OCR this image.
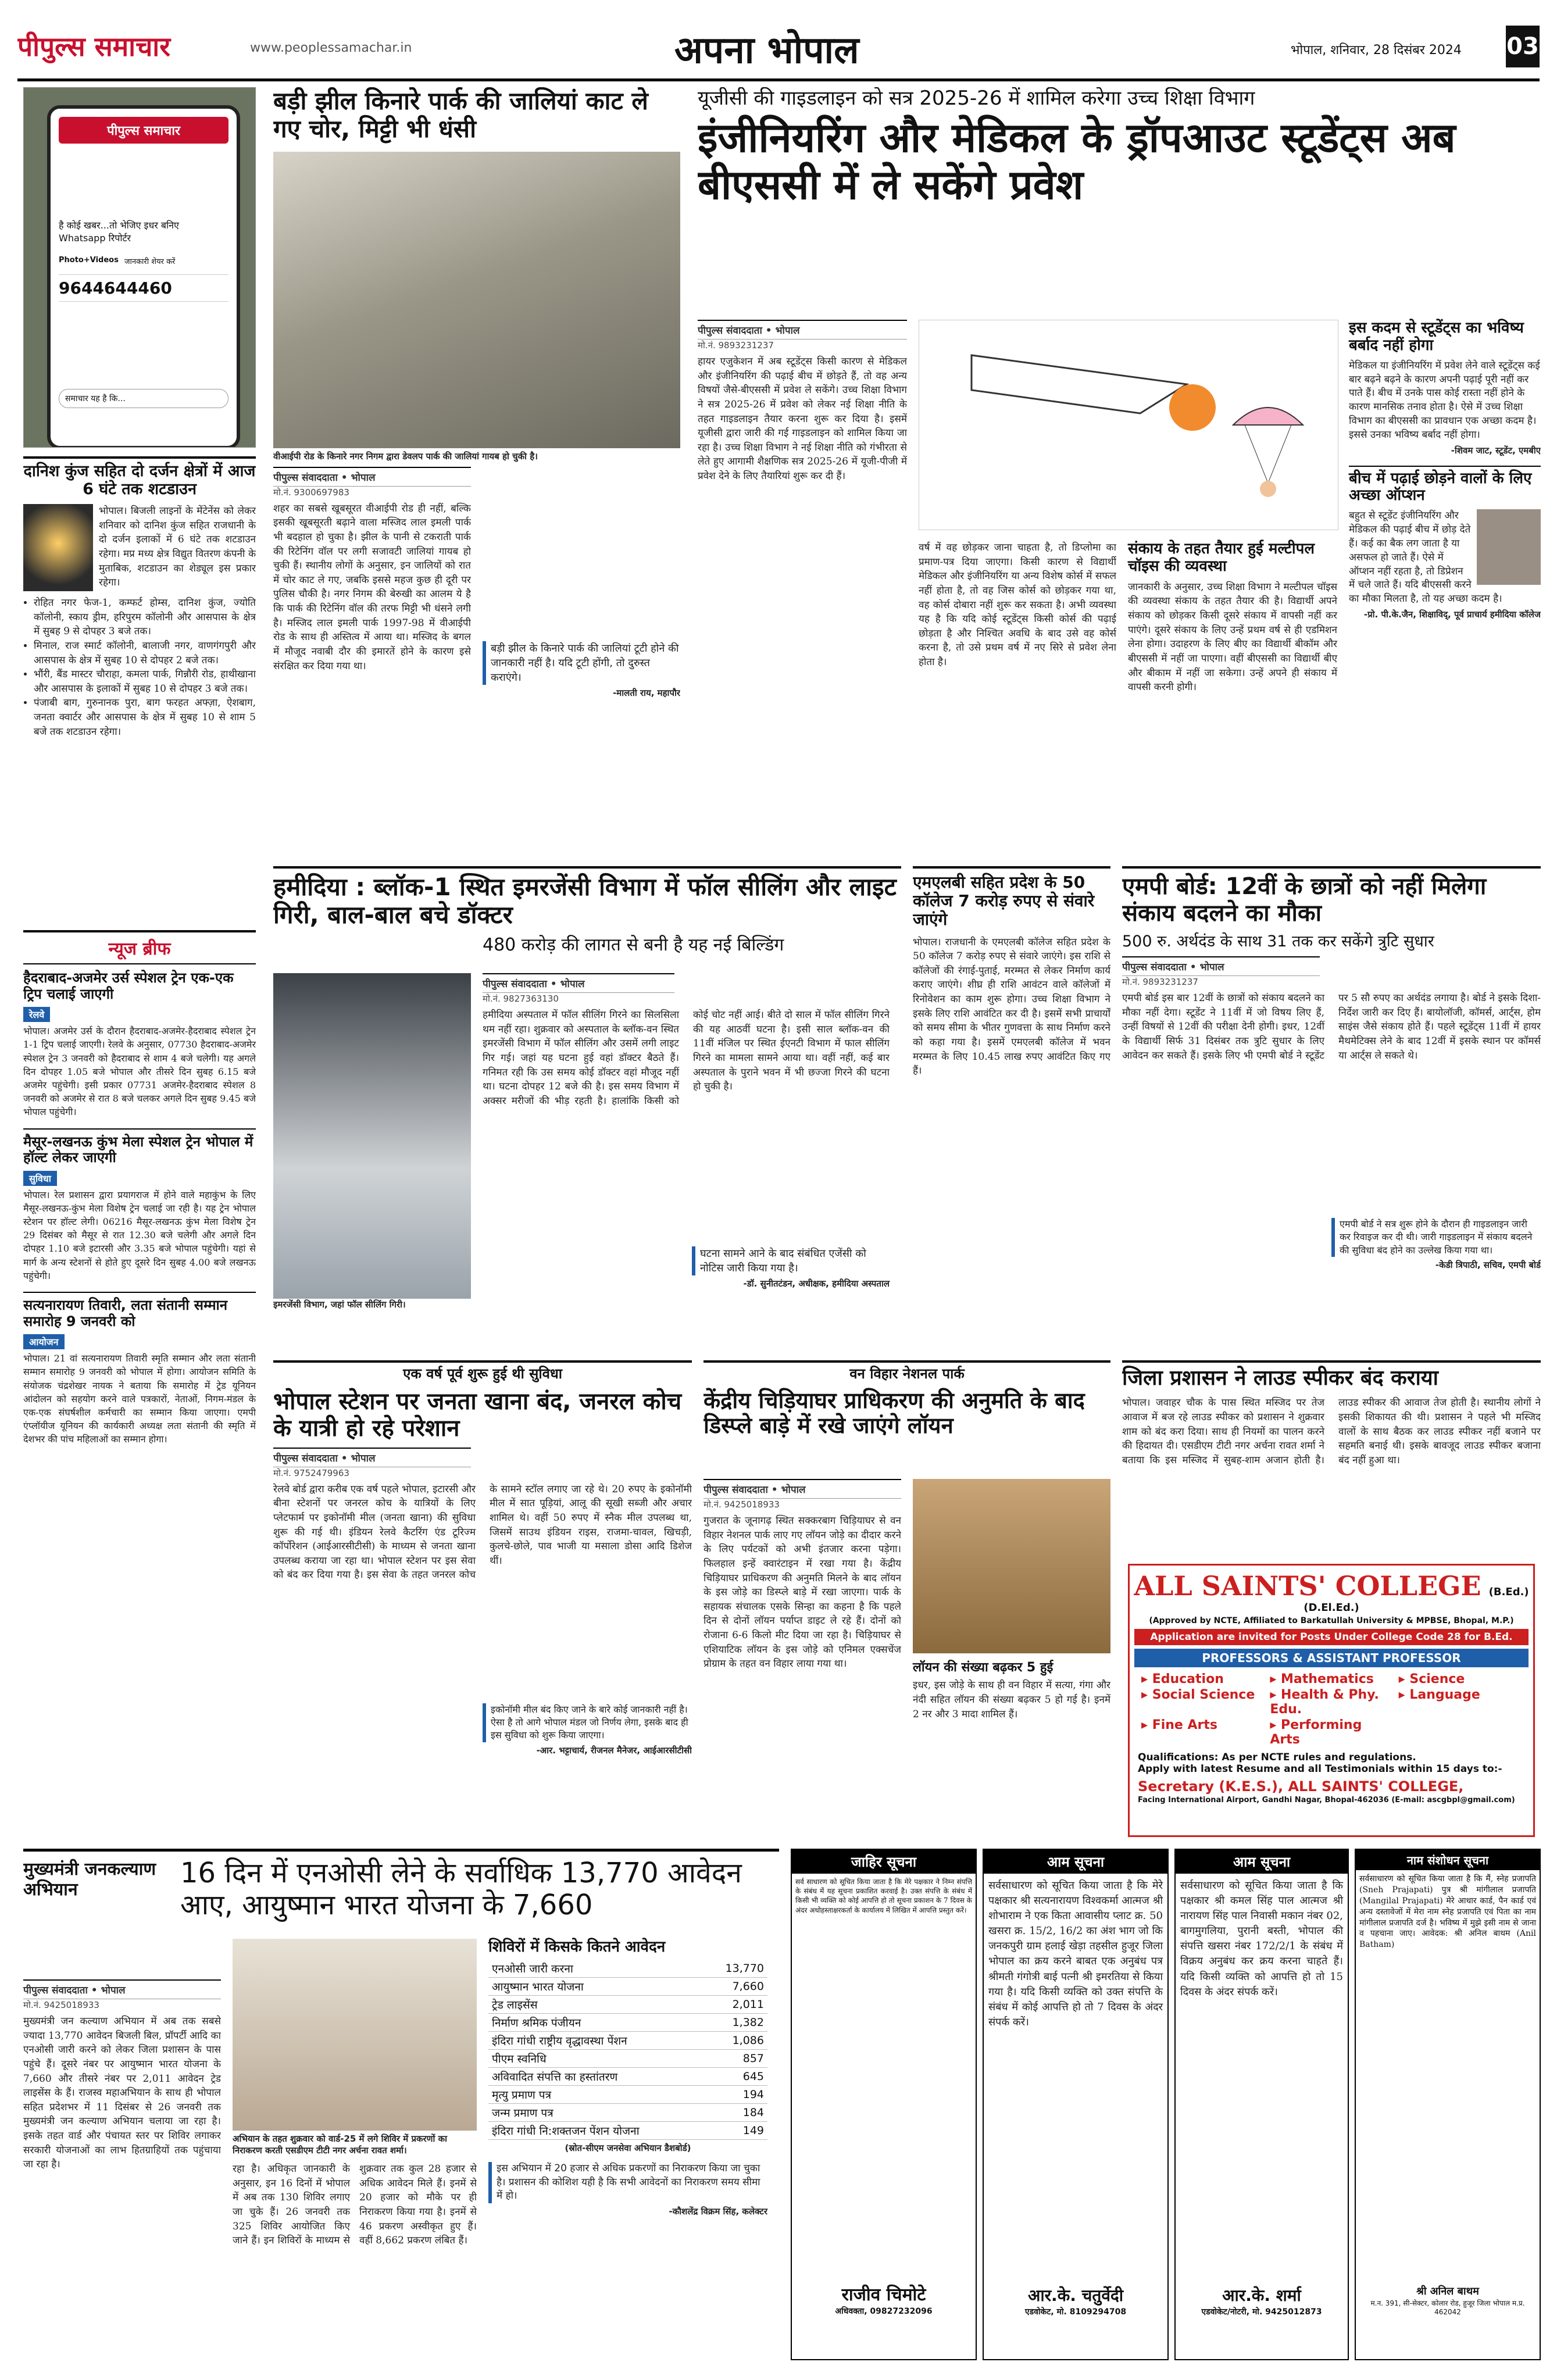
पीपुल्स समाचार	www.peoplessamachar.in	अपना भोपाल	भोपाल, शनिवार, 28 दिसंबर 2024 03
पीपुल्स समाचार
है कोई खबर...तो भेजिए इधर बनिए Whatsapp रिपोर्टर
Photo+Videos जानकारी शेयर करें
9644644460
समाचार यह है कि...
दानिश कुंज सहित दो दर्जन क्षेत्रों में आज 6 घंटे तक शटडाउन
भोपाल। बिजली लाइनों के मेंटेनेंस को लेकर शनिवार को दानिश कुंज सहित राजधानी के दो दर्जन इलाकों में 6 घंटे तक शटडाउन रहेगा। मप्र मध्य क्षेत्र विद्युत वितरण कंपनी के मुताबिक, शटडाउन का शेड्यूल इस प्रकार रहेगा।
• रोहित नगर फेज-1, कम्फर्ट होम्स, दानिश कुंज, ज्योति कॉलोनी, स्काय ड्रीम, हरिपुरम कॉलोनी और आसपास के क्षेत्र में सुबह 9 से दोपहर 3 बजे तक।
• मिनाल, राज स्मार्ट कॉलोनी, बालाजी नगर, वाणगंगपुरी और आसपास के क्षेत्र में सुबह 10 से दोपहर 2 बजे तक।
• भौंरी, बैंड मास्टर चौराहा, कमला पार्क, गिन्नौरी रोड, हाथीखाना और आसपास के इलाकों में सुबह 10 से दोपहर 3 बजे तक।
• पंजाबी बाग, गुरुनानक पुरा, बाग फरहत अफ्ज़ा, ऐशबाग, जनता क्वार्टर और आसपास के क्षेत्र में सुबह 10 से शाम 5 बजे तक शटडाउन रहेगा।
न्यूज ब्रीफ
हैदराबाद-अजमेर उर्स स्पेशल ट्रेन एक-एक ट्रिप चलाई जाएगी
रेलवे
भोपाल। अजमेर उर्स के दौरान हैदराबाद-अजमेर-हैदराबाद स्पेशल ट्रेन 1-1 ट्रिप चलाई जाएगी। रेलवे के अनुसार, 07730 हैदराबाद-अजमेर स्पेशल ट्रेन 3 जनवरी को हैदराबाद से शाम 4 बजे चलेगी। यह अगले दिन दोपहर 1.05 बजे भोपाल और तीसरे दिन सुबह 6.15 बजे अजमेर पहुंचेगी। इसी प्रकार 07731 अजमेर-हैदराबाद स्पेशल 8 जनवरी को अजमेर से रात 8 बजे चलकर अगले दिन सुबह 9.45 बजे भोपाल पहुंचेगी।
मैसूर-लखनऊ कुंभ मेला स्पेशल ट्रेन भोपाल में हॉल्ट लेकर जाएगी
सुविधा
भोपाल। रेल प्रशासन द्वारा प्रयागराज में होने वाले महाकुंभ के लिए मैसूर-लखनऊ-कुंभ मेला विशेष ट्रेन चलाई जा रही है। यह ट्रेन भोपाल स्टेशन पर हॉल्ट लेगी। 06216 मैसूर-लखनऊ कुंभ मेला विशेष ट्रेन 29 दिसंबर को मैसूर से रात 12.30 बजे चलेगी और अगले दिन दोपहर 1.10 बजे इटारसी और 3.35 बजे भोपाल पहुंचेगी। यहां से मार्ग के अन्य स्टेशनों से होते हुए दूसरे दिन सुबह 4.00 बजे लखनऊ पहुंचेगी।
सत्यनारायण तिवारी, लता संतानी सम्मान समारोह 9 जनवरी को
आयोजन
भोपाल। 21 वां सत्यनारायण तिवारी स्मृति सम्मान और लता संतानी सम्मान समारोह 9 जनवरी को भोपाल में होगा। आयोजन समिति के संयोजक चंद्रशेखर नायक ने बताया कि समारोह में ट्रेड यूनियन आंदोलन को सहयोग करने वाले पत्रकारों, नेताओं, निगम-मंडल के एक-एक संघर्षशील कर्मचारी का सम्मान किया जाएगा। एमपी एंप्लॉयीज यूनियन की कार्यकारी अध्यक्ष लता संतानी की स्मृति में देशभर की पांच महिलाओं का सम्मान होगा।
बड़ी झील किनारे पार्क की जालियां काट ले गए चोर, मिट्टी भी धंसी
वीआईपी रोड के किनारे नगर निगम द्वारा डेवलप पार्क की जालियां गायब हो चुकी है।
पीपुल्स संवाददाता • भोपाल
मो.नं. 9300697983
शहर का सबसे खूबसूरत वीआईपी रोड ही नहीं, बल्कि इसकी खूबसूरती बढ़ाने वाला मस्जिद लाल इमली पार्क भी बदहाल हो चुका है। झील के पानी से टकराती पार्क की रिटेनिंग वॉल पर लगी सजावटी जालियां गायब हो चुकी हैं। स्थानीय लोगों के अनुसार, इन जालियों को रात में चोर काट ले गए, जबकि इससे महज कुछ ही दूरी पर पुलिस चौकी है। नगर निगम की बेरुखी का आलम ये है कि पार्क की रिटेनिंग वॉल की तरफ मिट्टी भी धंसने लगी है। मस्जिद लाल इमली पार्क 1997-98 में वीआईपी रोड के साथ ही अस्तित्व में आया था। मस्जिद के बगल में मौजूद नवाबी दौर की इमारतें होने के कारण इसे संरक्षित कर दिया गया था।
बड़ी झील के किनारे पार्क की जालियां टूटी होने की जानकारी नहीं है। यदि टूटी होंगी, तो दुरुस्त कराएंगे।
-मालती राय, महापौर
यूजीसी की गाइडलाइन को सत्र 2025-26 में शामिल करेगा उच्च शिक्षा विभाग
इंजीनियरिंग और मेडिकल के ड्रॉपआउट स्टूडेंट्स अब बीएससी में ले सकेंगे प्रवेश
पीपुल्स संवाददाता • भोपाल
मो.नं. 9893231237
हायर एजुकेशन में अब स्टूडेंट्स किसी कारण से मेडिकल और इंजीनियरिंग की पढ़ाई बीच में छोड़ते हैं, तो वह अन्य विषयों जैसे-बीएससी में प्रवेश ले सकेंगे। उच्च शिक्षा विभाग ने सत्र 2025-26 में प्रवेश को लेकर नई शिक्षा नीति के तहत गाइडलाइन तैयार करना शुरू कर दिया है। इसमें यूजीसी द्वारा जारी की गई गाइडलाइन को शामिल किया जा रहा है। उच्च शिक्षा विभाग ने नई शिक्षा नीति को गंभीरता से लेते हुए आगामी शैक्षणिक सत्र 2025-26 में यूजी-पीजी में प्रवेश देने के लिए तैयारियां शुरू कर दी हैं।
वर्ष में वह छोड़कर जाना चाहता है, तो डिप्लोमा का प्रमाण-पत्र दिया जाएगा। किसी कारण से विद्यार्थी मेडिकल और इंजीनियरिंग या अन्य विशेष कोर्स में सफल नहीं होता है, तो वह जिस कोर्स को छोड़कर गया था, वह कोर्स दोबारा नहीं शुरू कर सकता है। अभी व्यवस्था यह है कि यदि कोई स्टूडेंट्स किसी कोर्स की पढ़ाई छोड़ता है और निश्चित अवधि के बाद उसे वह कोर्स करना है, तो उसे प्रथम वर्ष में नए सिरे से प्रवेश लेना होता है।
संकाय के तहत तैयार हुई मल्टीपल चॉइस की व्यवस्था
जानकारी के अनुसार, उच्च शिक्षा विभाग ने मल्टीपल चॉइस की व्यवस्था संकाय के तहत तैयार की है। विद्यार्थी अपने संकाय को छोड़कर किसी दूसरे संकाय में वापसी नहीं कर पाएंगे। दूसरे संकाय के लिए उन्हें प्रथम वर्ष से ही एडमिशन लेना होगा। उदाहरण के लिए बीए का विद्यार्थी बीकॉम और बीएससी में नहीं जा पाएगा। वहीं बीएससी का विद्यार्थी बीए और बीकाम में नहीं जा सकेगा। उन्हें अपने ही संकाय में वापसी करनी होगी।
इस कदम से स्टूडेंट्स का भविष्य बर्बाद नहीं होगा
मेडिकल या इंजीनियरिंग में प्रवेश लेने वाले स्टूडेंट्स कई बार बढ़ने बढ़ने के कारण अपनी पढ़ाई पूरी नहीं कर पाते हैं। बीच में उनके पास कोई रास्ता नहीं होने के कारण मानसिक तनाव होता है। ऐसे में उच्च शिक्षा विभाग का बीएससी का प्रावधान एक अच्छा कदम है। इससे उनका भविष्य बर्बाद नहीं होगा।
-शिवम जाट, स्टूडेंट, एमबीए
बीच में पढ़ाई छोड़ने वालों के लिए अच्छा ऑप्शन
बहुत से स्टूडेंट इंजीनियरिंग और मेडिकल की पढ़ाई बीच में छोड़ देते हैं। कई का बैक लग जाता है या असफल हो जाते हैं। ऐसे में ऑप्शन नहीं रहता है, तो डिप्रेशन में चले जाते हैं। यदि बीएससी करने का मौका मिलता है, तो यह अच्छा कदम है।
-प्रो. पी.के.जैन, शिक्षाविद्, पूर्व प्राचार्य हमीदिया कॉलेज
हमीदिया : ब्लॉक-1 स्थित इमरजेंसी विभाग में फॉल सीलिंग और लाइट गिरी, बाल-बाल बचे डॉक्टर
480 करोड़ की लागत से बनी है यह नई बिल्डिंग
इमरजेंसी विभाग, जहां फॉल सीलिंग गिरी।
पीपुल्स संवाददाता • भोपाल
मो.नं. 9827363130
हमीदिया अस्पताल में फॉल सीलिंग गिरने का सिलसिला थम नहीं रहा। शुक्रवार को अस्पताल के ब्लॉक-वन स्थित इमरजेंसी विभाग में फॉल सीलिंग और उसमें लगी लाइट गिर गई। जहां यह घटना हुई वहां डॉक्टर बैठते हैं। गनिमत रही कि उस समय कोई डॉक्टर वहां मौजूद नहीं था। घटना दोपहर 12 बजे की है। इस समय विभाग में अक्सर मरीजों की भीड़ रहती है। हालांकि किसी को कोई चोट नहीं आई। बीते दो साल में फॉल सीलिंग गिरने की यह आठवीं घटना है। इसी साल ब्लॉक-वन की 11वीं मंजिल पर स्थित ईएनटी विभाग में फाल सीलिंग गिरने का मामला सामने आया था। वहीं नहीं, कई बार अस्पताल के पुराने भवन में भी छज्जा गिरने की घटना हो चुकी है।
घटना सामने आने के बाद संबंधित एजेंसी को नोटिस जारी किया गया है।
-डॉ. सुनीतटंडन, अधीक्षक, हमीदिया अस्पताल
एमएलबी सहित प्रदेश के 50 कॉलेज 7 करोड़ रुपए से संवारे जाएंगे
भोपाल। राजधानी के एमएलबी कॉलेज सहित प्रदेश के 50 कॉलेज 7 करोड़ रुपए से संवारे जाएंगे। इस राशि से कॉलेजों की रंगाई-पुताई, मरम्मत से लेकर निर्माण कार्य कराए जाएंगे। शीघ्र ही राशि आवंटन वाले कॉलेजों में रिनोवेशन का काम शुरू होगा। उच्च शिक्षा विभाग ने इसके लिए राशि आवंटित कर दी है। इसमें सभी प्राचार्यों को समय सीमा के भीतर गुणवत्ता के साथ निर्माण करने को कहा गया है। इसमें एमएलबी कॉलेज में भवन मरम्मत के लिए 10.45 लाख रुपए आवंटित किए गए हैं।
एमपी बोर्ड: 12वीं के छात्रों को नहीं मिलेगा संकाय बदलने का मौका
500 रु. अर्थदंड के साथ 31 तक कर सकेंगे त्रुटि सुधार
पीपुल्स संवाददाता • भोपाल
मो.नं. 9893231237
एमपी बोर्ड इस बार 12वीं के छात्रों को संकाय बदलने का मौका नहीं देगा। स्टूडेंट ने 11वीं में जो विषय लिए हैं, उन्हीं विषयों से 12वीं की परीक्षा देनी होगी। इधर, 12वीं के विद्यार्थी सिर्फ 31 दिसंबर तक त्रुटि सुधार के लिए आवेदन कर सकते हैं। इसके लिए भी एमपी बोर्ड ने स्टूडेंट पर 5 सौ रुपए का अर्थदंड लगाया है। बोर्ड ने इसके दिशा-निर्देश जारी कर दिए हैं। बायोलॉजी, कॉमर्स, आर्ट्स, होम साइंस जैसे संकाय होते हैं। पहले स्टूडेंट्स 11वीं में हायर मैथमेटिक्स लेने के बाद 12वीं में इसके स्थान पर कॉमर्स या आर्ट्स ले सकते थे।
एमपी बोर्ड ने सत्र शुरू होने के दौरान ही गाइडलाइन जारी कर रिवाइज कर दी थी। जारी गाइडलाइन में संकाय बदलने की सुविधा बंद होने का उल्लेख किया गया था।
-केडी त्रिपाठी, सचिव, एमपी बोर्ड
एक वर्ष पूर्व शुरू हुई थी सुविधा
भोपाल स्टेशन पर जनता खाना बंद, जनरल कोच के यात्री हो रहे परेशान
पीपुल्स संवाददाता • भोपाल
मो.नं. 9752479963
रेलवे बोर्ड द्वारा करीब एक वर्ष पहले भोपाल, इटारसी और बीना स्टेशनों पर जनरल कोच के यात्रियों के लिए प्लेटफार्म पर इकोनॉमी मील (जनता खाना) की सुविधा शुरू की गई थी। इंडियन रेलवे कैटरिंग एंड टूरिज्म कॉर्पोरेशन (आईआरसीटीसी) के माध्यम से जनता खाना उपलब्ध कराया जा रहा था। भोपाल स्टेशन पर इस सेवा को बंद कर दिया गया है। इस सेवा के तहत जनरल कोच के सामने स्टॉल लगाए जा रहे थे। 20 रुपए के इकोनॉमी मील में सात पूड़ियां, आलू की सूखी सब्जी और अचार शामिल थे। वहीं 50 रुपए में स्नैक मील उपलब्ध था, जिसमें साउथ इंडियन राइस, राजमा-चावल, खिचड़ी, कुलचे-छोले, पाव भाजी या मसाला डोसा आदि डिशेज थीं।
इकोनॉमी मील बंद किए जाने के बारे कोई जानकारी नहीं है। ऐसा है तो आगे भोपाल मंडल जो निर्णय लेगा, इसके बाद ही इस सुविधा को शुरू किया जाएगा।
-आर. भट्टाचार्य, रीजनल मैनेजर, आईआरसीटीसी
वन विहार नेशनल पार्क
केंद्रीय चिड़ियाघर प्राधिकरण की अनुमति के बाद डिस्प्ले बाड़े में रखे जाएंगे लॉयन
पीपुल्स संवाददाता • भोपाल
मो.नं. 9425018933
गुजरात के जूनागढ़ स्थित सक्करबाग चिड़ियाघर से वन विहार नेशनल पार्क लाए गए लॉयन जोड़े का दीदार करने के लिए पर्यटकों को अभी इंतजार करना पड़ेगा। फिलहाल इन्हें क्वारंटाइन में रखा गया है। केंद्रीय चिड़ियाघर प्राधिकरण की अनुमति मिलने के बाद लॉयन के इस जोड़े का डिस्प्ले बाड़े में रखा जाएगा। पार्क के सहायक संचालक एसके सिन्हा का कहना है कि पहले दिन से दोनों लॉयन पर्याप्त डाइट ले रहे हैं। दोनों को रोजाना 6-6 किलो मीट दिया जा रहा है। चिड़ियाघर से एशियाटिक लॉयन के इस जोड़े को एनिमल एक्सचेंज प्रोग्राम के तहत वन विहार लाया गया था।	लॉयन की संख्या बढ़कर 5 हुई
इधर, इस जोड़े के साथ ही वन विहार में सत्या, गंगा और नंदी सहित लॉयन की संख्या बढ़कर 5 हो गई है। इनमें 2 नर और 3 मादा शामिल हैं।
जिला प्रशासन ने लाउड स्पीकर बंद कराया
भोपाल। जवाहर चौक के पास स्थित मस्जिद पर तेज आवाज में बज रहे लाउड स्पीकर को प्रशासन ने शुक्रवार शाम को बंद करा दिया। साथ ही नियमों का पालन करने की हिदायत दी। एसडीएम टीटी नगर अर्चना रावत शर्मा ने बताया कि इस मस्जिद में सुबह-शाम अजान होती है। लाउड स्पीकर की आवाज तेज होती है। स्थानीय लोगों ने इसकी शिकायत की थी। प्रशासन ने पहले भी मस्जिद वालों के साथ बैठक कर लाउड स्पीकर नहीं बजाने पर सहमति बनाई थी। इसके बावजूद लाउड स्पीकर बजाना बंद नहीं हुआ था।
ALL SAINTS' COLLEGE (B.Ed.) (D.El.Ed.)
(Approved by NCTE, Affiliated to Barkatullah University & MPBSE, Bhopal, M.P.)
Application are invited for Posts Under College Code 28 for B.Ed.
PROFESSORS & ASSISTANT PROFESSOR
▸ Education	▸ Mathematics	▸ Science
▸ Social Science	▸ Health & Phy. Edu.
▸ Language
▸ Fine Arts	▸ Performing Arts
Qualifications: As per NCTE rules and regulations.
Apply with latest Resume and all Testimonials within 15 days to:-
Secretary (K.E.S.), ALL SAINTS' COLLEGE,
Facing International Airport, Gandhi Nagar, Bhopal-462036 (E-mail: ascgbpl@gmail.com)
मुख्यमंत्री जनकल्याण अभियान	16 दिन में एनओसी लेने के सर्वाधिक 13,770 आवेदन आए, आयुष्मान भारत योजना के 7,660
पीपुल्स संवाददाता • भोपाल
मो.नं. 9425018933
मुख्यमंत्री जन कल्याण अभियान में अब तक सबसे ज्यादा 13,770 आवेदन बिजली बिल, प्रॉपर्टी आदि का एनओसी जारी करने को लेकर जिला प्रशासन के पास पहुंचे हैं। दूसरे नंबर पर आयुष्मान भारत योजना के 7,660 और तीसरे नंबर पर 2,011 आवेदन ट्रेड लाइसेंस के हैं। राजस्व महाअभियान के साथ ही भोपाल सहित प्रदेशभर में 11 दिसंबर से 26 जनवरी तक मुख्यमंत्री जन कल्याण अभियान चलाया जा रहा है। इसके तहत वार्ड और पंचायत स्तर पर शिविर लगाकर सरकारी योजनाओं का लाभ हितग्राहियों तक पहुंचाया जा रहा है।
अभियान के तहत शुक्रवार को वार्ड-25 में लगे शिविर में प्रकरणों का निराकरण करती एसडीएम टीटी नगर अर्चना रावत शर्मा।
रहा है। अधिकृत जानकारी के अनुसार, इन 16 दिनों में भोपाल में अब तक 130 शिविर लगाए जा चुके हैं। 26 जनवरी तक 325 शिविर आयोजित किए जाने हैं। इन शिविरों के माध्यम से शुक्रवार तक कुल 28 हजार से अधिक आवेदन मिले हैं। इनमें से 20 हजार को मौके पर ही निराकरण किया गया है। इनमें से 46 प्रकरण अस्वीकृत हुए हैं। वहीं 8,662 प्रकरण लंबित हैं।
शिविरों में किसके कितने आवेदन
एनओसी जारी करना	13,770
आयुष्मान भारत योजना	7,660
ट्रेड लाइसेंस	2,011
निर्माण श्रमिक पंजीयन	1,382
इंदिरा गांधी राष्ट्रीय वृद्धावस्था पेंशन	1,086
पीएम स्वनिधि	857
अविवादित संपत्ति का हस्तांतरण	645
मृत्यु प्रमाण पत्र	194
जन्म प्रमाण पत्र	184
इंदिरा गांधी नि:शक्तजन पेंशन योजना	149
(स्रोत-सीएम जनसेवा अभियान डैशबोर्ड)
इस अभियान में 20 हजार से अधिक प्रकरणों का निराकरण किया जा चुका है। प्रशासन की कोशिश यही है कि सभी आवेदनों का निराकरण समय सीमा में हो।
-कौशलेंद्र विक्रम सिंह, कलेक्टर
जाहिर सूचना
सर्व साधारण को सूचित किया जाता है कि मेरे पक्षकार ने निम्न संपत्ति के संबंध में यह सूचना प्रकाशित करवाई है। उक्त संपत्ति के संबंध में किसी भी व्यक्ति को कोई आपत्ति हो तो सूचना प्रकाशन के 7 दिवस के अंदर अधोहस्ताक्षरकर्ता के कार्यालय में लिखित में आपत्ति प्रस्तुत करें।
राजीव चिमोटे
अधिवक्ता, 09827232096
आम सूचना
सर्वसाधारण को सूचित किया जाता है कि मेरे पक्षकार श्री सत्यनारायण विश्वकर्मा आत्मज श्री शोभाराम ने एक किता आवासीय प्लाट क्र. 50 खसरा क्र. 15/2, 16/2 का अंश भाग जो कि जनकपुरी ग्राम हलाई खेड़ा तहसील हुजूर जिला भोपाल का क्रय करने बाबत एक अनुबंध पत्र श्रीमती गंगोत्री बाई पत्नी श्री इमरतिया से किया गया है। यदि किसी व्यक्ति को उक्त संपत्ति के संबंध में कोई आपत्ति हो तो 7 दिवस के अंदर संपर्क करें।
आर.के. चतुर्वेदी
एडवोकेट, मो. 8109294708
आम सूचना
सर्वसाधारण को सूचित किया जाता है कि पक्षकार श्री कमल सिंह पाल आत्मज श्री नारायण सिंह पाल निवासी मकान नंबर 02, बागमुगलिया, पुरानी बस्ती, भोपाल की संपत्ति खसरा नंबर 172/2/1 के संबंध में विक्रय अनुबंध कर क्रय करना चाहते हैं। यदि किसी व्यक्ति को आपत्ति हो तो 15 दिवस के अंदर संपर्क करें।
आर.के. शर्मा
एडवोकेट/नोटरी, मो. 9425012873
नाम संशोधन सूचना
सर्वसाधारण को सूचित किया जाता है कि मैं, स्नेह प्रजापति (Sneh Prajapati) पुत्र श्री मांगीलाल प्रजापति (Mangilal Prajapati) मेरे आधार कार्ड, पैन कार्ड एवं अन्य दस्तावेजों में मेरा नाम स्नेह प्रजापति एवं पिता का नाम मांगीलाल प्रजापति दर्ज है। भविष्य में मुझे इसी नाम से जाना व पहचाना जाए। आवेदक: श्री अनिल बाथम (Anil Batham)
श्री अनिल बाथम
म.न. 391, सी-सेक्टर, कोलार रोड, हुजूर जिला भोपाल म.प्र. 462042
